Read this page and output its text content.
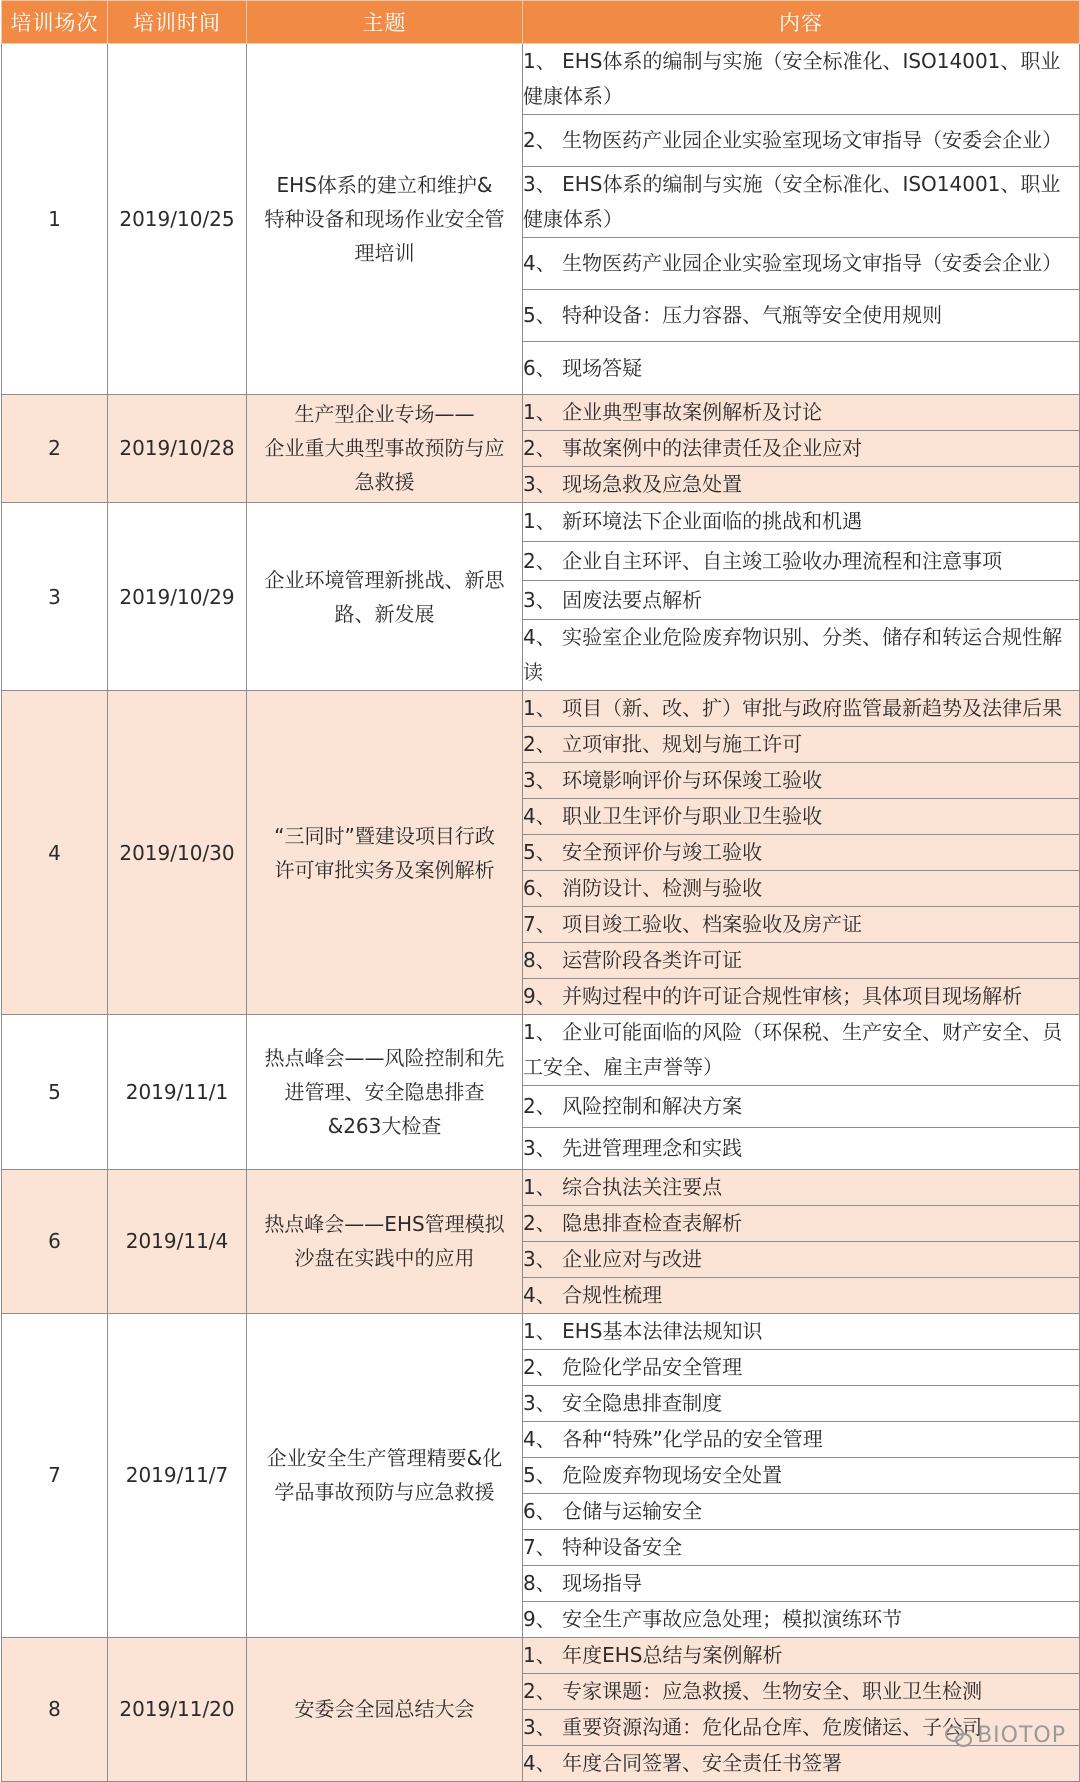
培训场次	培训时间	主题	内容
1	2019/10/25	EHS体系的建立和维护&
特种设备和现场作业安全管
理培训	1、 EHS体系的编制与实施（安全标准化、ISO14001、职业健康体系）
			2、 生物医药产业园企业实验室现场文审指导（安委会企业）
			3、 EHS体系的编制与实施（安全标准化、ISO14001、职业健康体系）
			4、 生物医药产业园企业实验室现场文审指导（安委会企业）
			5、 特种设备：压力容器、气瓶等安全使用规则
			6、 现场答疑
2	2019/10/28	生产型企业专场——
企业重大典型事故预防与应
急救援	1、 企业典型事故案例解析及讨论
			2、 事故案例中的法律责任及企业应对
			3、 现场急救及应急处置
3	2019/10/29	企业环境管理新挑战、新思
路、新发展	1、 新环境法下企业面临的挑战和机遇
			2、 企业自主环评、自主竣工验收办理流程和注意事项
			3、 固废法要点解析
			4、 实验室企业危险废弃物识别、分类、储存和转运合规性解读
4	2019/10/30	“三同时”暨建设项目行政
许可审批实务及案例解析	1、 项目（新、改、扩）审批与政府监管最新趋势及法律后果
			2、 立项审批、规划与施工许可
			3、 环境影响评价与环保竣工验收
			4、 职业卫生评价与职业卫生验收
			5、 安全预评价与竣工验收
			6、 消防设计、检测与验收
			7、 项目竣工验收、档案验收及房产证
			8、 运营阶段各类许可证
			9、 并购过程中的许可证合规性审核；具体项目现场解析
5	2019/11/1	热点峰会——风险控制和先
进管理、安全隐患排查
&263大检查	1、 企业可能面临的风险（环保税、生产安全、财产安全、员工安全、雇主声誉等）
			2、 风险控制和解决方案
			3、 先进管理理念和实践
6	2019/11/4	热点峰会——EHS管理模拟
沙盘在实践中的应用	1、 综合执法关注要点
			2、 隐患排查检查表解析
			3、 企业应对与改进
			4、 合规性梳理
7	2019/11/7	企业安全生产管理精要&化
学品事故预防与应急救援	1、 EHS基本法律法规知识
			2、 危险化学品安全管理
			3、 安全隐患排查制度
			4、 各种“特殊”化学品的安全管理
			5、 危险废弃物现场安全处置
			6、 仓储与运输安全
			7、 特种设备安全
			8、 现场指导
			9、 安全生产事故应急处理；模拟演练环节
8	2019/11/20	安委会全园总结大会	1、 年度EHS总结与案例解析
			2、 专家课题：应急救援、生物安全、职业卫生检测
			3、 重要资源沟通：危化品仓库、危废储运、子公司
			4、 年度合同签署、安全责任书签署
BIOTOP
